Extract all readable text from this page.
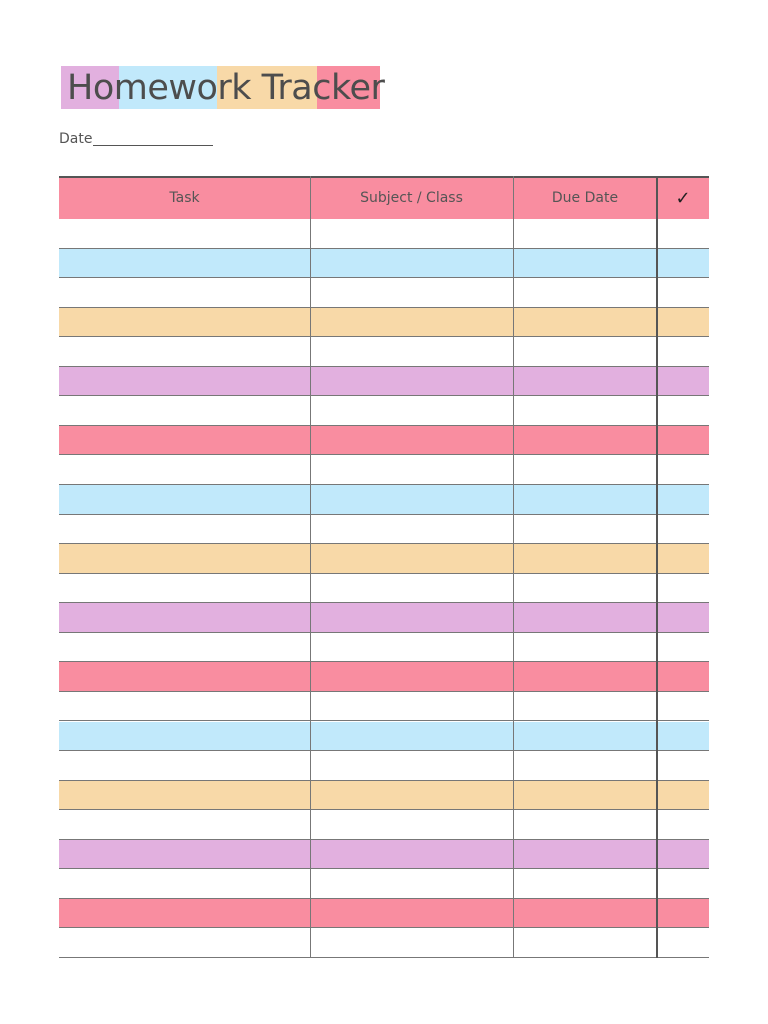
Homework Tracker
Date
Task	Subject / Class	Due Date	✓
